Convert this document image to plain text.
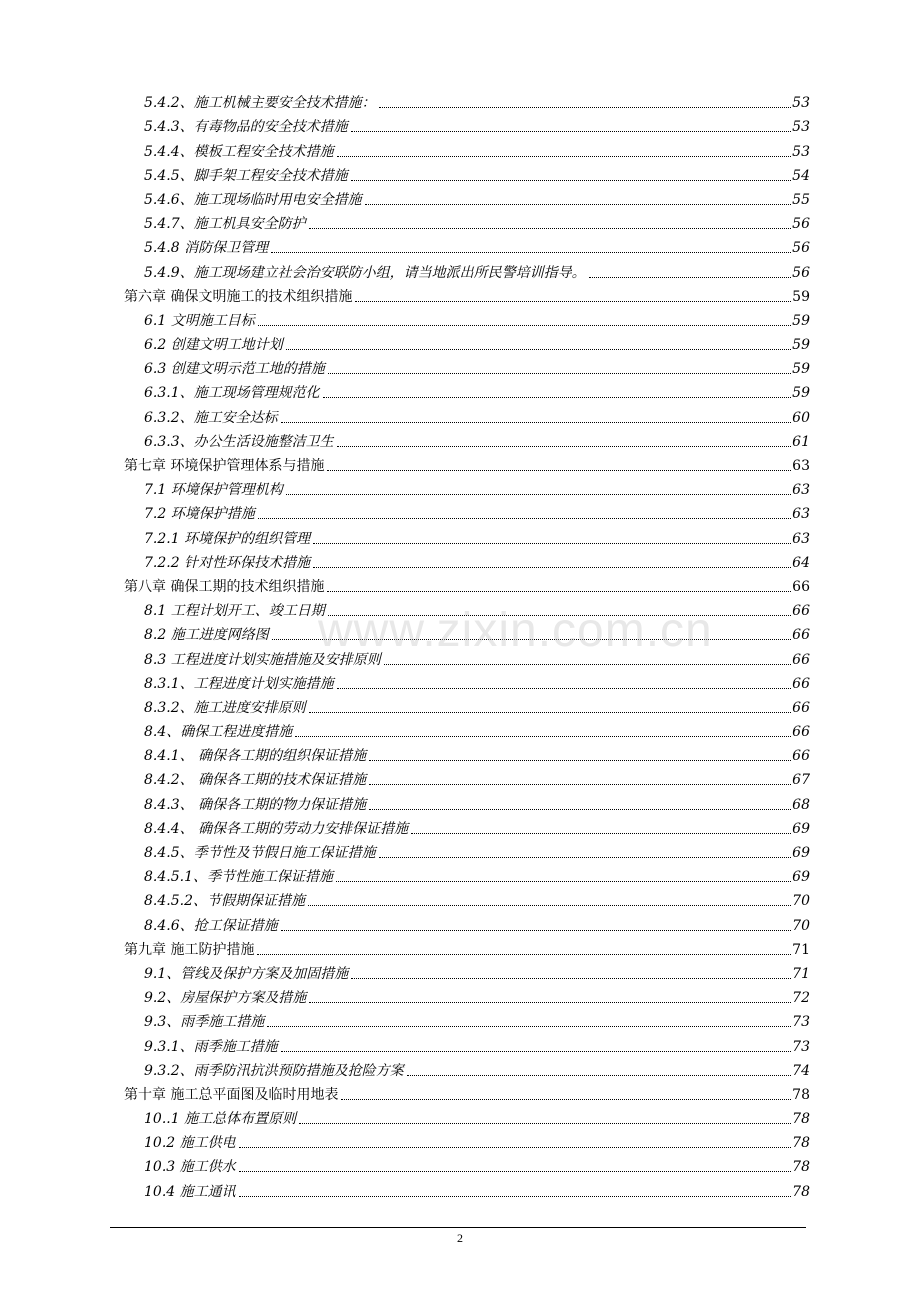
5.4.2、施工机械主要安全技术措施：	53
5.4.3、有毒物品的安全技术措施	53
5.4.4、模板工程安全技术措施	53
5.4.5、脚手架工程安全技术措施	54
5.4.6、施工现场临时用电安全措施	55
5.4.7、施工机具安全防护	56
5.4.8 消防保卫管理	56
5.4.9、施工现场建立社会治安联防小组，请当地派出所民警培训指导。	56
第六章 确保文明施工的技术组织措施	59
6.1 文明施工目标	59
6.2 创建文明工地计划	59
6.3 创建文明示范工地的措施	59
6.3.1、施工现场管理规范化	59
6.3.2、施工安全达标	60
6.3.3、办公生活设施整洁卫生	61
第七章 环境保护管理体系与措施	63
7.1 环境保护管理机构	63
7.2 环境保护措施	63
7.2.1 环境保护的组织管理	63
7.2.2 针对性环保技术措施	64
第八章 确保工期的技术组织措施	66
8.1 工程计划开工、竣工日期	66
8.2 施工进度网络图	66
8.3 工程进度计划实施措施及安排原则	66
8.3.1、工程进度计划实施措施	66
8.3.2、施工进度安排原则	66
8.4、确保工程进度措施	66
8.4.1、 确保各工期的组织保证措施	66
8.4.2、 确保各工期的技术保证措施	67
8.4.3、 确保各工期的物力保证措施	68
8.4.4、 确保各工期的劳动力安排保证措施	69
8.4.5、季节性及节假日施工保证措施	69
8.4.5.1、季节性施工保证措施	69
8.4.5.2、节假期保证措施	70
8.4.6、抢工保证措施	70
第九章 施工防护措施	71
9.1、管线及保护方案及加固措施	71
9.2、房屋保护方案及措施	72
9.3、雨季施工措施	73
9.3.1、雨季施工措施	73
9.3.2、雨季防汛抗洪预防措施及抢险方案	74
第十章 施工总平面图及临时用地表	78
10..1 施工总体布置原则	78
10.2 施工供电	78
10.3 施工供水	78
10.4 施工通讯	78
www.zixin.com.cn
2
